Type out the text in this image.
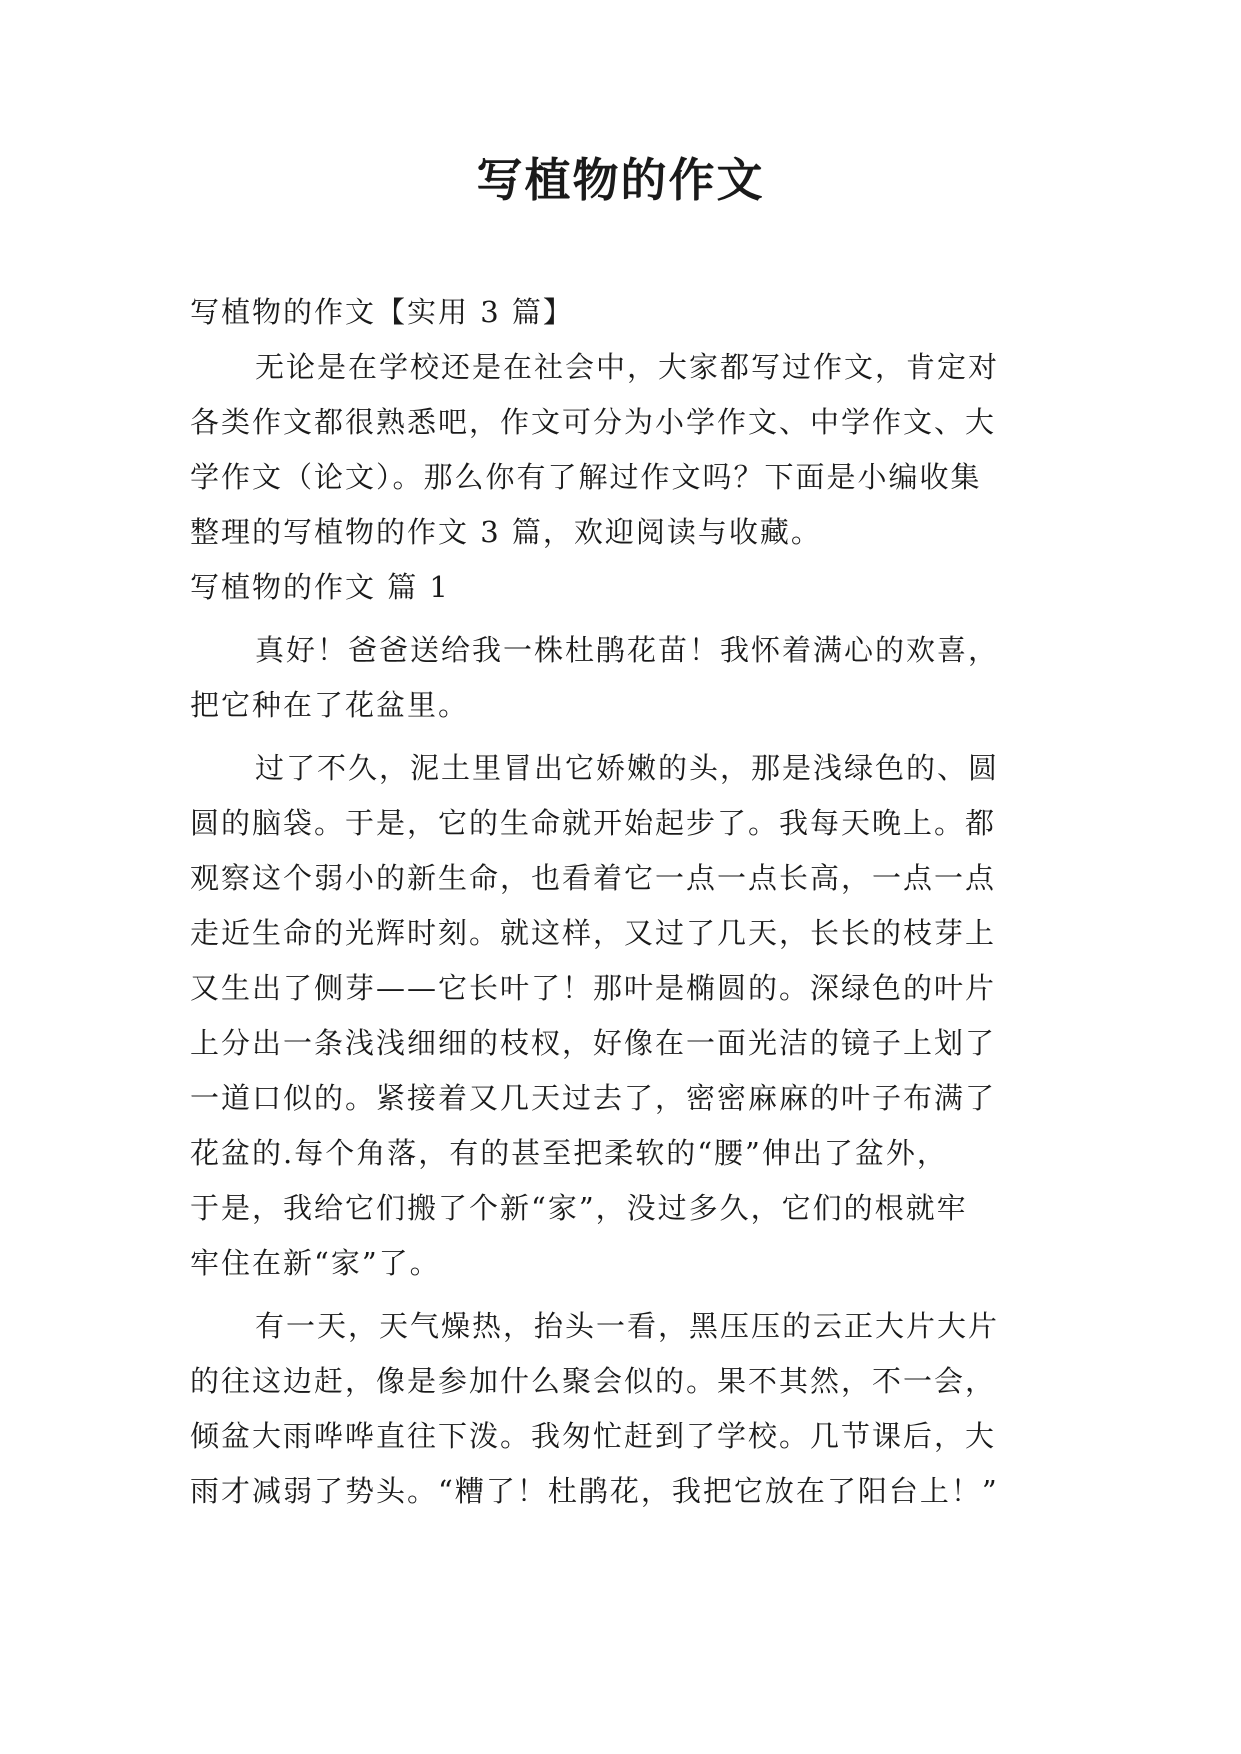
写植物的作文
写植物的作文【实用 3 篇】
无论是在学校还是在社会中，大家都写过作文，肯定对
各类作文都很熟悉吧，作文可分为小学作文、中学作文、大
学作文（论文）。那么你有了解过作文吗？下面是小编收集
整理的写植物的作文 3 篇，欢迎阅读与收藏。
写植物的作文 篇 1
真好！爸爸送给我一株杜鹃花苗！我怀着满心的欢喜，
把它种在了花盆里。
过了不久，泥土里冒出它娇嫩的头，那是浅绿色的、圆
圆的脑袋。于是，它的生命就开始起步了。我每天晚上。都
观察这个弱小的新生命，也看着它一点一点长高，一点一点
走近生命的光辉时刻。就这样，又过了几天，长长的枝芽上
又生出了侧芽——它长叶了！那叶是椭圆的。深绿色的叶片
上分出一条浅浅细细的枝杈，好像在一面光洁的镜子上划了
一道口似的。紧接着又几天过去了，密密麻麻的叶子布满了
花盆的.每个角落，有的甚至把柔软的“腰”伸出了盆外，
于是，我给它们搬了个新“家”，没过多久，它们的根就牢
牢住在新“家”了。
有一天，天气燥热，抬头一看，黑压压的云正大片大片
的往这边赶，像是参加什么聚会似的。果不其然，不一会，
倾盆大雨哗哗直往下泼。我匆忙赶到了学校。几节课后，大
雨才减弱了势头。“糟了！杜鹃花，我把它放在了阳台上！”
